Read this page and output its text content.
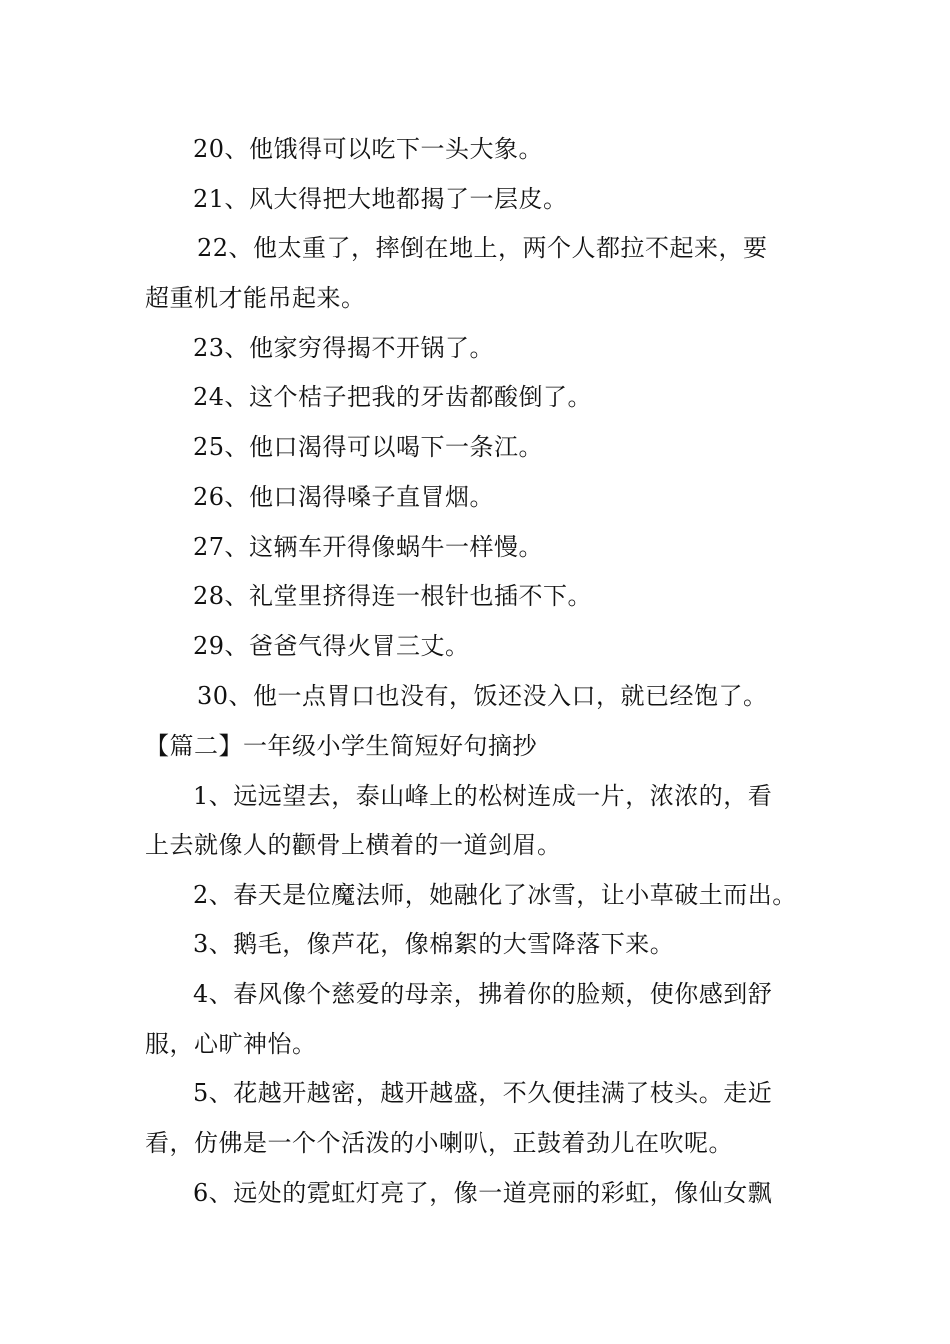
20、他饿得可以吃下一头大象。
21、风大得把大地都揭了一层皮。
22、他太重了，摔倒在地上，两个人都拉不起来，要
超重机才能吊起来。
23、他家穷得揭不开锅了。
24、这个桔子把我的牙齿都酸倒了。
25、他口渴得可以喝下一条江。
26、他口渴得嗓子直冒烟。
27、这辆车开得像蜗牛一样慢。
28、礼堂里挤得连一根针也插不下。
29、爸爸气得火冒三丈。
30、他一点胃口也没有，饭还没入口，就已经饱了。
【篇二】一年级小学生简短好句摘抄
1、远远望去，泰山峰上的松树连成一片，浓浓的，看
上去就像人的颧骨上横着的一道剑眉。
2、春天是位魔法师，她融化了冰雪，让小草破土而出。
3、鹅毛，像芦花，像棉絮的大雪降落下来。
4、春风像个慈爱的母亲，拂着你的脸颊，使你感到舒
服，心旷神怡。
5、花越开越密，越开越盛，不久便挂满了枝头。走近
看，仿佛是一个个活泼的小喇叭，正鼓着劲儿在吹呢。
6、远处的霓虹灯亮了，像一道亮丽的彩虹，像仙女飘
